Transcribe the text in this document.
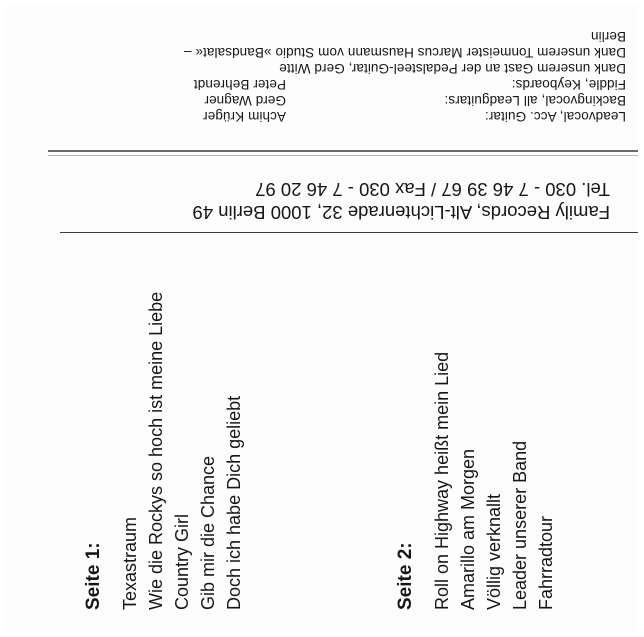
Leadvocal, Acc. Guitar:
Achim Krüger
Backingvocal, all Leadguitars:
Gerd Wagner
Fiddle, Keyboards:
Peter Behrendt
Dank unserem Gast an der Pedalsteel-Guitar, Gerd Witte
Dank unserem Tonmeister Marcus Hausmann vom Studio »Bandsalat« –
Berlin
Family Records, Alt-Lichtenrade 32, 1000 Berlin 49
Tel. 030 - 7 46 39 67 / Fax 030 - 7 46 20 97
Seite 1: Texastraum Wie die Rockys so hoch ist meine Liebe Country Girl Gib mir die Chance Doch ich habe Dich geliebt	Seite 2: Roll on Highway heißt mein Lied Amarillo am Morgen Völlig verknallt Leader unserer Band Fahrradtour
